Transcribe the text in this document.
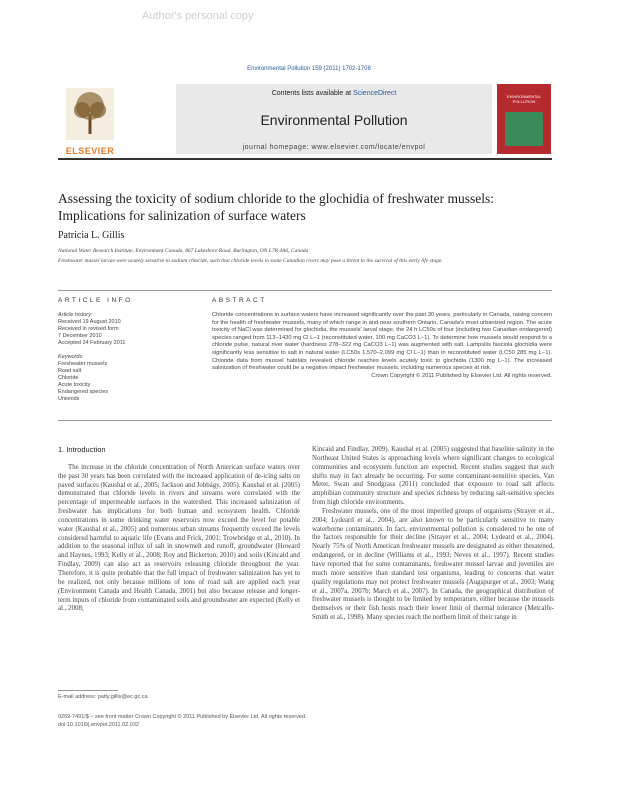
Author's personal copy
Environmental Pollution 159 (2011) 1702-1708
ELSEVIER
Contents lists available at ScienceDirect
Environmental Pollution
journal homepage: www.elsevier.com/locate/envpol
ENVIRONMENTAL POLLUTION
Assessing the toxicity of sodium chloride to the glochidia of freshwater mussels: Implications for salinization of surface waters
Patricia L. Gillis
National Water Research Institute, Environment Canada, 867 Lakeshore Road, Burlington, ON L7R 4A6, Canada
Freshwater mussel larvae were acutely sensitive to sodium chloride, such that chloride levels in some Canadian rivers may pose a threat to the survival of this early life stage.
ARTICLE INFO	ABSTRACT
Article history:
Received 19 August 2010
Received in revised form
7 December 2010
Accepted 24 February 2011
Keywords:
Freshwater mussels
Road salt
Chloride
Acute toxicity
Endangered species
Unionids
Chloride concentrations in surface waters have increased significantly over the past 30 years, particularly in Canada, raising concern for the health of freshwater mussels, many of which range in and near southern Ontario, Canada's most urbanized region. The acute toxicity of NaCl was determined for glochidia, the mussels' larval stage, the 24 h LC50s of four (including two Canadian endangered) species ranged from 113–1430 mg Cl L−1 (reconstituted water, 100 mg CaCO3 L−1). To determine how mussels would respond to a chloride pulse, natural river water (hardness 278–322 mg CaCO3 L−1) was augmented with salt. Lampsilis fasciola glochidia were significantly less sensitive to salt in natural water (LC50s 1,570–2,099 mg Cl L−1) than in reconstituted water (LC50 285 mg L−1). Chloride data from mussel habitats revealed chloride reaches levels acutely toxic to glochidia (1300 mg L−1). The increased salinization of freshwater could be a negative impact freshwater mussels, including numerous species at risk.
Crown Copyright © 2011 Published by Elsevier Ltd. All rights reserved.
1. Introduction

The increase in the chloride concentration of North American surface waters over the past 30 years has been correlated with the increased application of de-icing salts on paved surfaces (Kaushal et al., 2005; Jackson and Jobbágy, 2005). Kaushal et al. (2005) demonstrated that chloride levels in rivers and streams were correlated with the percentage of impermeable surfaces in the watershed. This increased salinization of freshwater has implications for both human and ecosystem health. Chloride concentrations in some drinking water reservoirs now exceed the level for potable water (Kaushal et al., 2005) and numerous urban streams frequently exceed the levels considered harmful to aquatic life (Evans and Frick, 2001; Trowbridge et al., 2010). In addition to the seasonal influx of salt in snowmelt and runoff, groundwater (Howard and Haynes, 1993; Kelly et al., 2008; Roy and Bickerton, 2010) and soils (Kincaid and Findlay, 2009) can also act as reservoirs releasing chloride throughout the year. Therefore, it is quite probable that the full impact of freshwater salinization has yet to be realized, not only because millions of tons of road salt are applied each year (Environment Canada and Health Canada, 2001) but also because release and longer-term inputs of chloride from contaminated soils and groundwater are expected (Kelly et al., 2008;

E-mail address: patty.gillis@ec.gc.ca.

Kincaid and Findlay, 2009). Kaushal et al. (2005) suggested that baseline salinity in the Northeast United States is approaching levels where significant changes to ecological communities and ecosystem function are expected. Recent studies suggest that such shifts may in fact already be occurring. For some contaminant-sensitive species, Van Meter, Swan and Snodgrass (2011) concluded that exposure to road salt affects amphibian community structure and species richness by reducing salt-sensitive species from high chloride environments.

Freshwater mussels, one of the most imperiled groups of organisms (Strayer et al., 2004; Lydeard et al., 2004), are also known to be particularly sensitive to many waterborne contaminants. In fact, environmental pollution is considered to be one of the factors responsible for their decline (Strayer et al., 2004; Lydeard et al., 2004). Nearly 75% of North American freshwater mussels are designated as either threatened, endangered, or in decline (Williams et al., 1993; Neves et al., 1997). Recent studies have reported that for some contaminants, freshwater mussel larvae and juveniles are much more sensitive than standard test organisms, leading to concerns that water quality regulations may not protect freshwater mussels (Augspurger et al., 2003; Wang et al., 2007a, 2007b; March et al., 2007). In Canada, the geographical distribution of freshwater mussels is thought to be limited by temperature, either because the mussels themselves or their fish hosts reach their lower limit of thermal tolerance (Metcalfe-Smith et al., 1998). Many species reach the northern limit of their range in

0269-7491/$ – see front matter Crown Copyright © 2011 Published by Elsevier Ltd. All rights reserved.
doi:10.1016/j.envpol.2011.02.032
